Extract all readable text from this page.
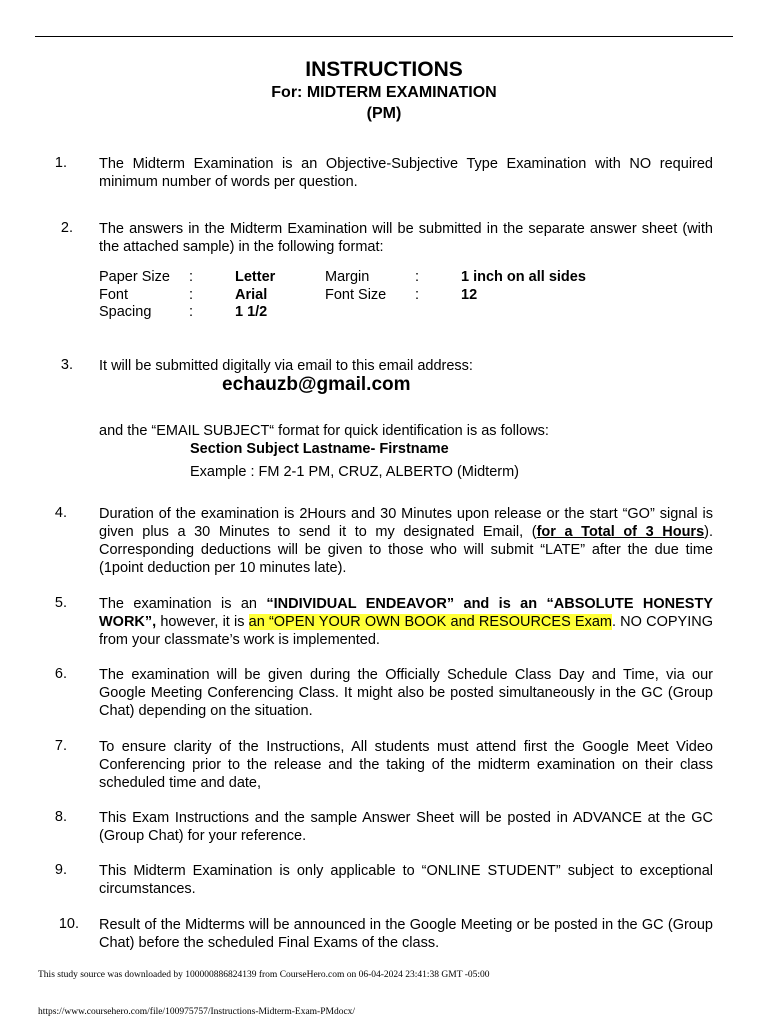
INSTRUCTIONS
For: MIDTERM EXAMINATION
(PM)
1. The Midterm Examination is an Objective-Subjective Type Examination with NO required minimum number of words per question.
2. The answers in the Midterm Examination will be submitted in the separate answer sheet (with the attached sample) in the following format:
Paper Size :	Letter	Margin	:	1 inch on all sides
Font	:	Arial	Font Size :	12
Spacing	:	1 1/2
3. It will be submitted digitally via email to this email address:
echauzb@gmail.com
and the “EMAIL SUBJECT“ format for quick identification is as follows:
Section Subject Lastname- Firstname
Example : FM 2-1 PM, CRUZ, ALBERTO (Midterm)
4. Duration of the examination is 2Hours and 30 Minutes upon release or the start “GO” signal is given plus a 30 Minutes to send it to my designated Email, (for a Total of 3 Hours). Corresponding deductions will be given to those who will submit “LATE” after the due time (1point deduction per 10 minutes late).
5. The examination is an “INDIVIDUAL ENDEAVOR” and is an “ABSOLUTE HONESTY WORK”, however, it is an “OPEN YOUR OWN BOOK and RESOURCES Exam. NO COPYING from your classmate’s work is implemented.
6. The examination will be given during the Officially Schedule Class Day and Time, via our Google Meeting Conferencing Class. It might also be posted simultaneously in the GC (Group Chat) depending on the situation.
7. To ensure clarity of the Instructions, All students must attend first the Google Meet Video Conferencing prior to the release and the taking of the midterm examination on their class scheduled time and date,
8. This Exam Instructions and the sample Answer Sheet will be posted in ADVANCE at the GC (Group Chat) for your reference.
9. This Midterm Examination is only applicable to “ONLINE STUDENT” subject to exceptional circumstances.
10. Result of the Midterms will be announced in the Google Meeting or be posted in the GC (Group Chat) before the scheduled Final Exams of the class.
This study source was downloaded by 100000886824139 from CourseHero.com on 06-04-2024 23:41:38 GMT -05:00
https://www.coursehero.com/file/100975757/Instructions-Midterm-Exam-PMdocx/
